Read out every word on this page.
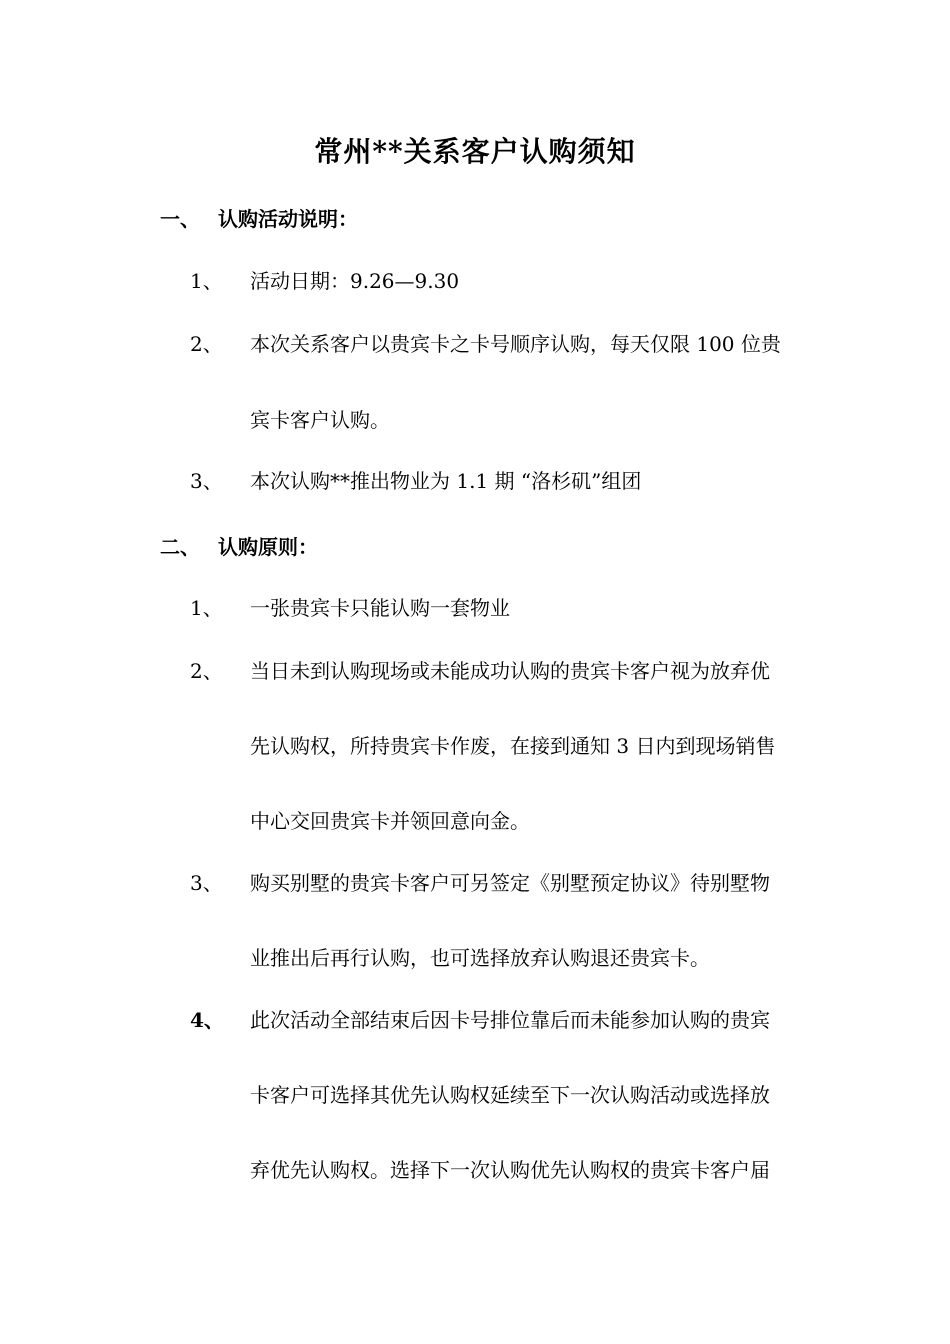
常州**关系客户认购须知
一、 认购活动说明：
1、	活动日期：9.26—9.30
2、	本次关系客户以贵宾卡之卡号顺序认购，每天仅限 100 位贵
宾卡客户认购。
3、	本次认购**推出物业为 1.1 期 “洛杉矶”组团
二、 认购原则：
1、	一张贵宾卡只能认购一套物业
2、	当日未到认购现场或未能成功认购的贵宾卡客户视为放弃优
先认购权，所持贵宾卡作废，在接到通知 3 日内到现场销售
中心交回贵宾卡并领回意向金。
3、	购买别墅的贵宾卡客户可另签定《别墅预定协议》待别墅物
业推出后再行认购，也可选择放弃认购退还贵宾卡。
4、	此次活动全部结束后因卡号排位靠后而未能参加认购的贵宾
卡客户可选择其优先认购权延续至下一次认购活动或选择放
弃优先认购权。选择下一次认购优先认购权的贵宾卡客户届
